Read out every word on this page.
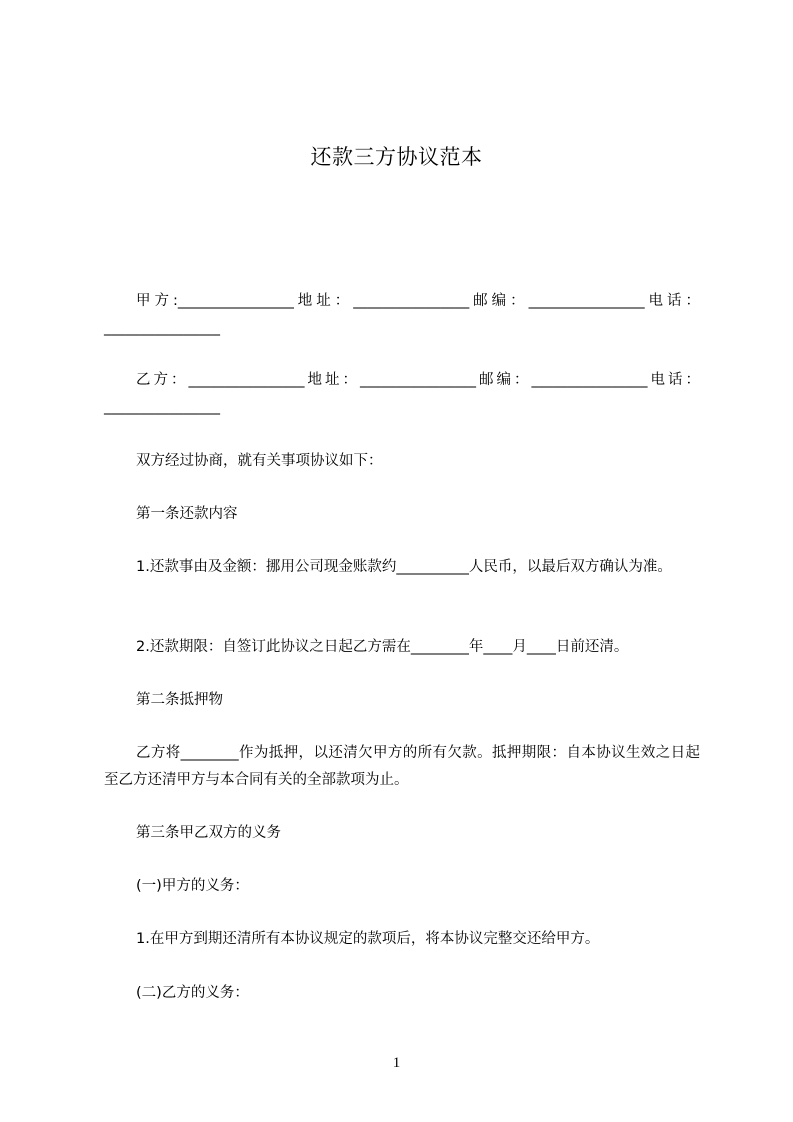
还款三方协议范本
甲方:________________地址：________________邮编：________________电话：________________
乙方：________________地址：________________邮编：________________电话：________________
双方经过协商，就有关事项协议如下：
第一条还款内容
1.还款事由及金额：挪用公司现金账款约__________人民币，以最后双方确认为准。
2.还款期限：自签订此协议之日起乙方需在________年____月____日前还清。
第二条抵押物
乙方将________作为抵押，以还清欠甲方的所有欠款。抵押期限：自本协议生效之日起至乙方还清甲方与本合同有关的全部款项为止。
第三条甲乙双方的义务
(一)甲方的义务：
1.在甲方到期还清所有本协议规定的款项后，将本协议完整交还给甲方。
(二)乙方的义务：
1
